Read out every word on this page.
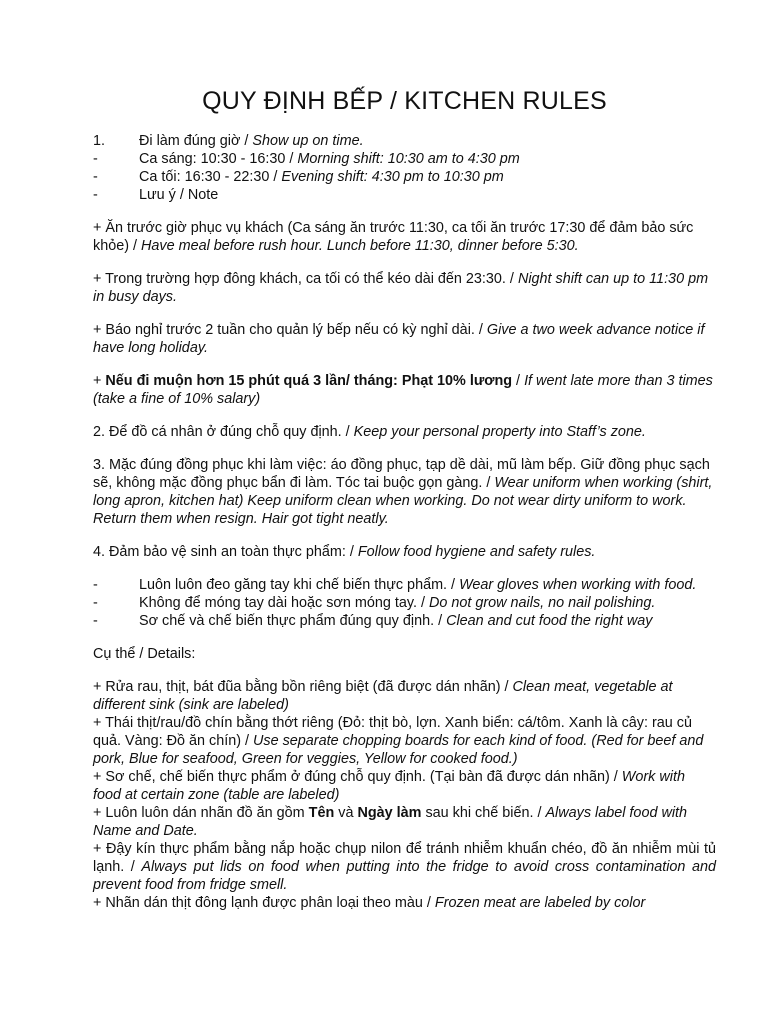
QUY ĐỊNH BẾP / KITCHEN RULES
1.	Đi làm đúng giờ / Show up on time.
-	Ca sáng: 10:30 - 16:30 / Morning shift: 10:30 am to 4:30 pm
-	Ca tối: 16:30 - 22:30 / Evening shift: 4:30 pm to 10:30 pm
-	Lưu ý / Note

+ Ăn trước giờ phục vụ khách (Ca sáng ăn trước 11:30, ca tối ăn trước 17:30 để đảm bảo sức khỏe) / Have meal before rush hour. Lunch before 11:30, dinner before 5:30.

+ Trong trường hợp đông khách, ca tối có thể kéo dài đến 23:30. / Night shift can up to 11:30 pm in busy days.

+ Báo nghỉ trước 2 tuần cho quản lý bếp nếu có kỳ nghỉ dài. / Give a two week advance notice if have long holiday.

+ Nếu đi muộn hơn 15 phút quá 3 lần/ tháng: Phạt 10% lương / If went late more than 3 times (take a fine of 10% salary)

2. Để đồ cá nhân ở đúng chỗ quy định. / Keep your personal property into Staff’s zone.

3. Mặc đúng đồng phục khi làm việc: áo đồng phục, tạp dề dài, mũ làm bếp. Giữ đồng phục sạch sẽ, không mặc đồng phục bẩn đi làm. Tóc tai buộc gọn gàng. / Wear uniform when working (shirt, long apron, kitchen hat) Keep uniform clean when working. Do not wear dirty uniform to work. Return them when resign. Hair got tight neatly.

4. Đảm bảo vệ sinh an toàn thực phẩm: / Follow food hygiene and safety rules.

-	Luôn luôn đeo găng tay khi chế biến thực phẩm. / Wear gloves when working with food.

-	Không để móng tay dài hoặc sơn móng tay. / Do not grow nails, no nail polishing.
-	Sơ chế và chế biến thực phẩm đúng quy định. / Clean and cut food the right way

Cụ thể / Details:

+ Rửa rau, thịt, bát đũa bằng bồn riêng biệt (đã được dán nhãn) / Clean meat, vegetable at different sink (sink are labeled)

+ Thái thịt/rau/đồ chín bằng thớt riêng (Đỏ: thịt bò, lợn. Xanh biển: cá/tôm. Xanh là cây: rau củ quả. Vàng: Đồ ăn chín) / Use separate chopping boards for each kind of food. (Red for beef and pork, Blue for seafood, Green for veggies, Yellow for cooked food.)

+ Sơ chế, chế biến thực phẩm ở đúng chỗ quy định. (Tại bàn đã được dán nhãn) / Work with food at certain zone (table are labeled)

+ Luôn luôn dán nhãn đồ ăn gồm Tên và Ngày làm sau khi chế biến. / Always label food with Name and Date.

+ Đậy kín thực phẩm bằng nắp hoặc chụp nilon để tránh nhiễm khuẩn chéo, đồ ăn nhiễm mùi tủ lạnh. / Always put lids on food when putting into the fridge to avoid cross contamination and prevent food from fridge smell.

+ Nhãn dán thịt đông lạnh được phân loại theo màu / Frozen meat are labeled by color
